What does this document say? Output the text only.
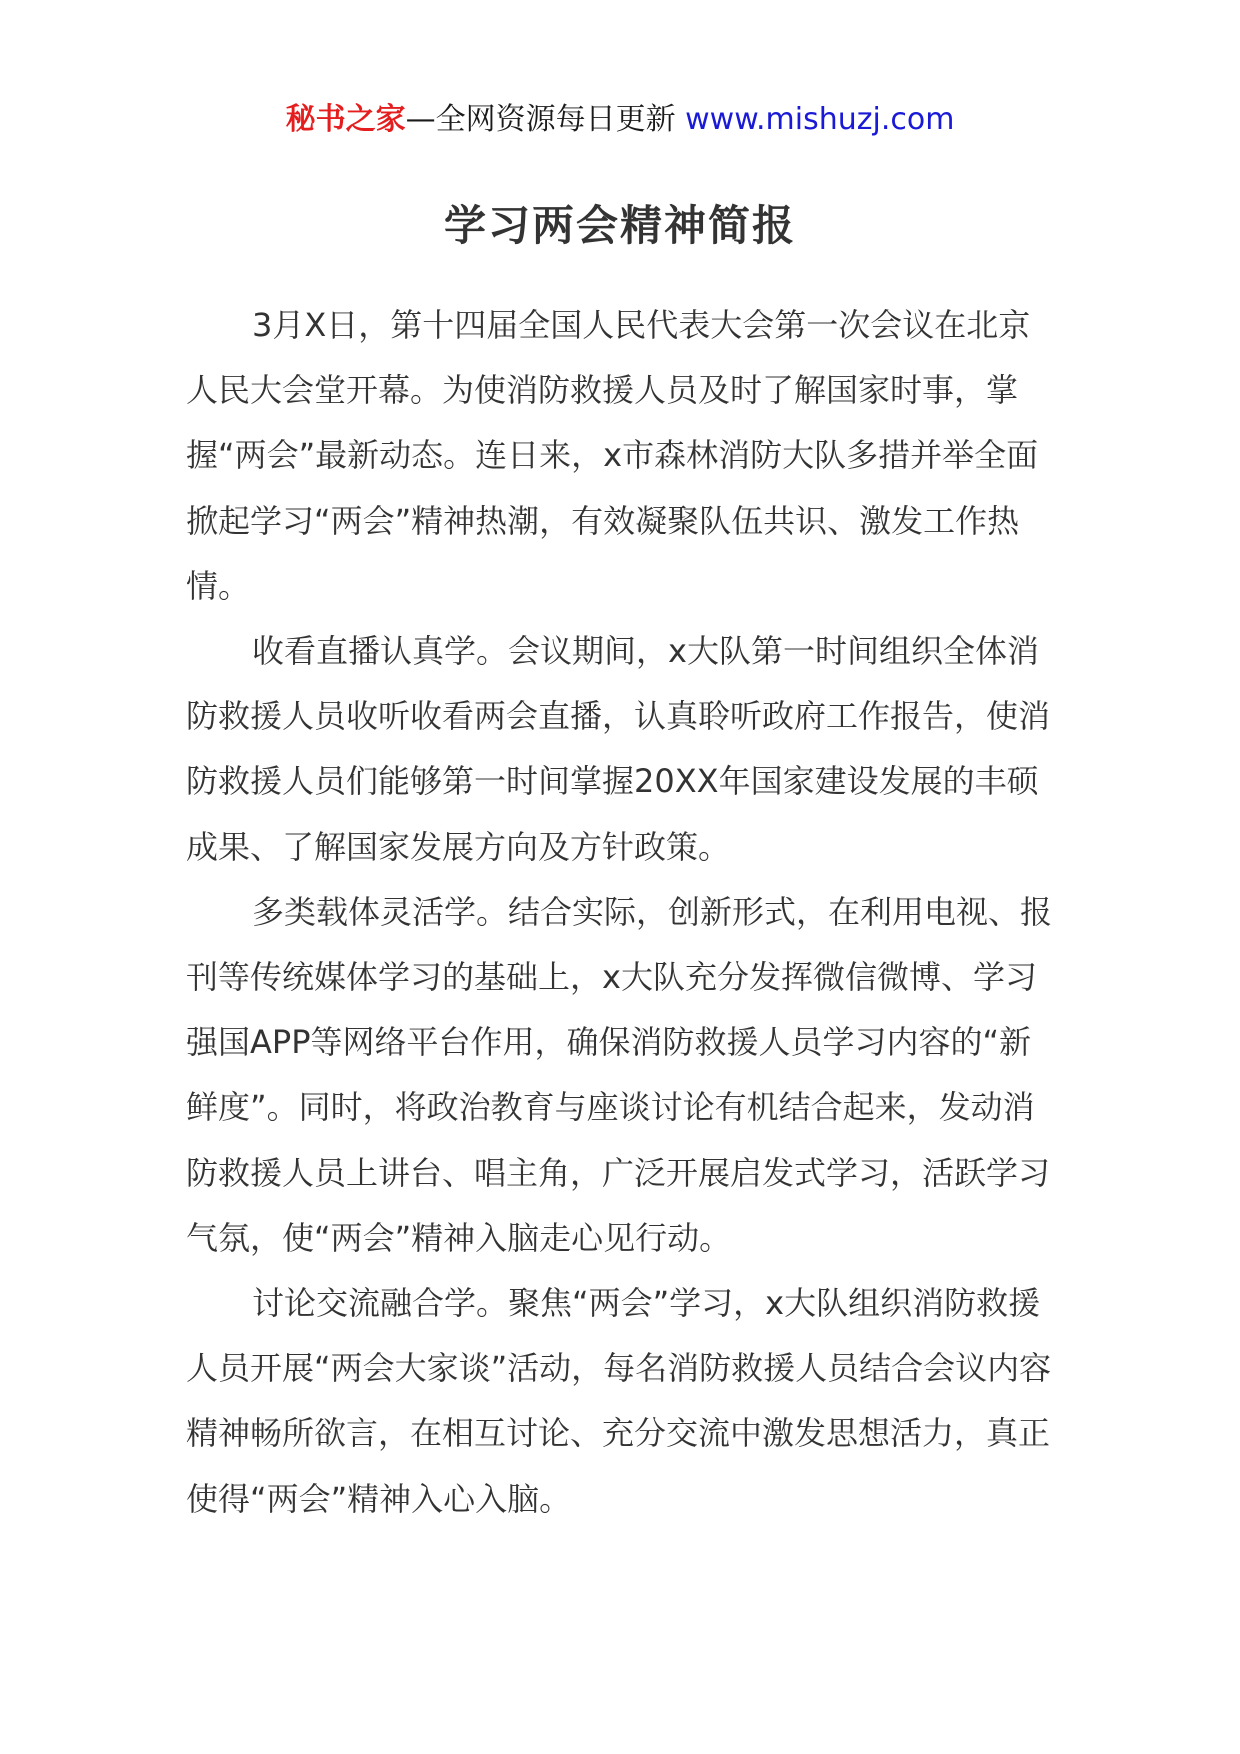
秘书之家—全网资源每日更新 www.mishuzj.com
学习两会精神简报

3月X日，第十四届全国人民代表大会第一次会议在北京人民大会堂开幕。为使消防救援人员及时了解国家时事，掌握“两会”最新动态。连日来，x市森林消防大队多措并举全面掀起学习“两会”精神热潮，有效凝聚队伍共识、激发工作热情。

收看直播认真学。会议期间，x大队第一时间组织全体消防救援人员收听收看两会直播，认真聆听政府工作报告，使消防救援人员们能够第一时间掌握20XX年国家建设发展的丰硕成果、了解国家发展方向及方针政策。

多类载体灵活学。结合实际，创新形式，在利用电视、报刊等传统媒体学习的基础上，x大队充分发挥微信微博、学习强国APP等网络平台作用，确保消防救援人员学习内容的“新鲜度”。同时，将政治教育与座谈讨论有机结合起来，发动消防救援人员上讲台、唱主角，广泛开展启发式学习，活跃学习气氛，使“两会”精神入脑走心见行动。

讨论交流融合学。聚焦“两会”学习，x大队组织消防救援人员开展“两会大家谈”活动，每名消防救援人员结合会议内容精神畅所欲言，在相互讨论、充分交流中激发思想活力，真正使得“两会”精神入心入脑。
